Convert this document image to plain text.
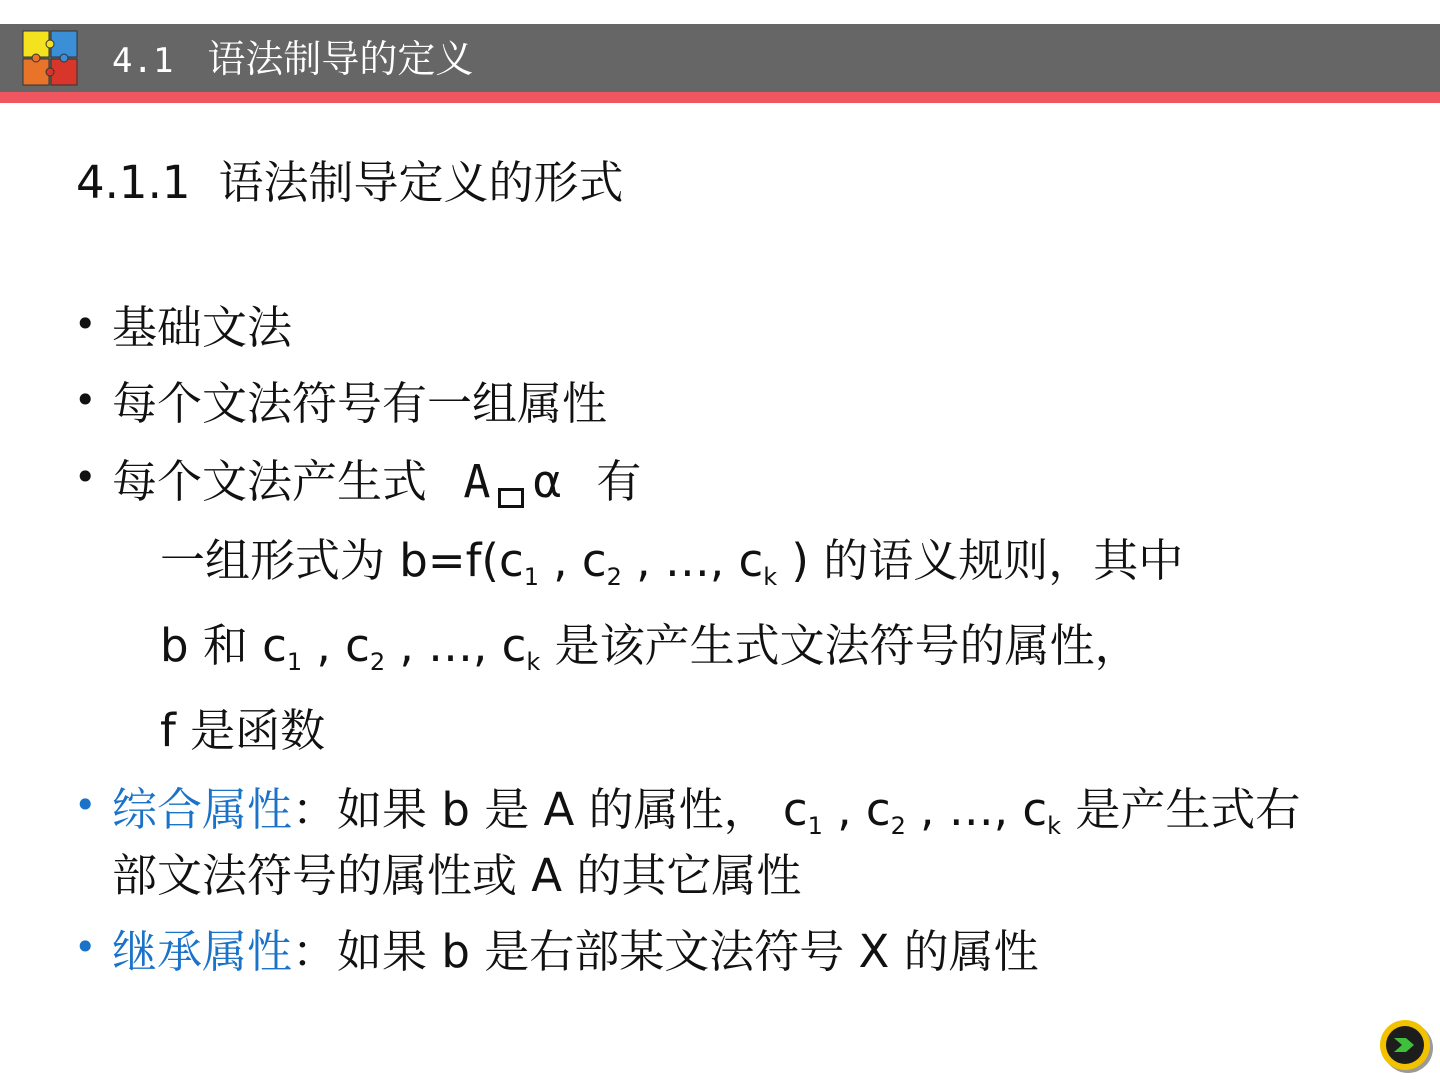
4.1 语法制导的定义
4.1.1 语法制导定义的形式
• 基础文法
• 每个文法符号有一组属性
• 每个文法产生式 A α 有
一组形式为 $b=f(c_1$ , $c_2$ , …, $c_k$ ) 的语义规则，其中
b 和 $c_1$ , $c_2$ , …, $c_k$ 是该产生式文法符号的属性，
f 是函数
• 综合属性：如果 b 是 A 的属性， $c_1$ , $c_2$ , …, $c_k$ 是产生式右
部文法符号的属性或 A 的其它属性
• 继承属性：如果 b 是右部某文法符号 X 的属性
